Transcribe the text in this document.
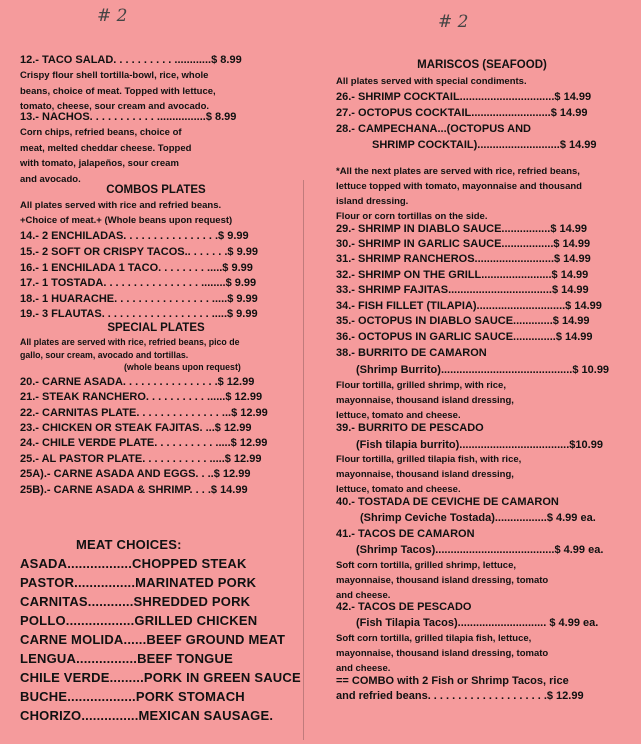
# 2	# 2
12.- TACO SALAD. . . . . . . . . . ............$ 8.99
Crispy flour shell tortilla-bowl, rice, whole
beans, choice of meat. Topped with lettuce,
tomato, cheese, sour cream and avocado.
13.- NACHOS. . . . . . . . . . . ................$ 8.99
Corn chips, refried beans, choice of
meat, melted cheddar cheese. Topped
with tomato, jalapeños, sour cream
and avocado.
COMBOS PLATES
All plates served with rice and refried beans.
+Choice of meat.+ (Whole beans upon request)
14.- 2 ENCHILADAS. . . . . . . . . . . . . . . .$ 9.99
15.- 2 SOFT OR CRISPY TACOS.. . . . . . .$ 9.99
16.- 1 ENCHILADA 1 TACO. . . . . . . . .....$ 9.99
17.- 1 TOSTADA. . . . . . . . . . . . . . . . ........$ 9.99
18.- 1 HUARACHE. . . . . . . . . . . . . . . . .....$ 9.99
19.- 3 FLAUTAS. . . . . . . . . . . . . . . . . . .....$ 9.99
SPECIAL PLATES
All plates are served with rice, refried beans, pico de
gallo, sour cream, avocado and tortillas.
(whole beans upon request)
20.- CARNE ASADA. . . . . . . . . . . . . . . .$ 12.99
21.- STEAK RANCHERO. . . . . . . . . . ......$ 12.99
22.- CARNITAS PLATE. . . . . . . . . . . . . . ...$ 12.99
23.- CHICKEN OR STEAK FAJITAS. ...$ 12.99
24.- CHILE VERDE PLATE. . . . . . . . . . .....$ 12.99
25.- AL PASTOR PLATE. . . . . . . . . . . .....$ 12.99
25A).- CARNE ASADA AND EGGS. . ..$ 12.99
25B).- CARNE ASADA & SHRIMP. . . .$ 14.99
MEAT CHOICES:
ASADA.................CHOPPED STEAK
PASTOR................MARINATED PORK
CARNITAS............SHREDDED PORK
POLLO..................GRILLED CHICKEN
CARNE MOLIDA......BEEF GROUND MEAT
LENGUA................BEEF TONGUE
CHILE VERDE.........PORK IN GREEN SAUCE
BUCHE..................PORK STOMACH
CHORIZO...............MEXICAN SAUSAGE.
MARISCOS (SEAFOOD)
All plates served with special condiments.
26.- SHRIMP COCKTAIL...............................$ 14.99
27.- OCTOPUS COCKTAIL..........................$ 14.99
28.- CAMPECHANA...(OCTOPUS AND
SHRIMP COCKTAIL)...........................$ 14.99
*All the next plates are served with rice, refried beans,
lettuce topped with tomato, mayonnaise and thousand
island dressing.
Flour or corn tortillas on the side.
29.- SHRIMP IN DIABLO SAUCE................$ 14.99
30.- SHRIMP IN GARLIC SAUCE.................$ 14.99
31.- SHRIMP RANCHEROS..........................$ 14.99
32.- SHRIMP ON THE GRILL.......................$ 14.99
33.- SHRIMP FAJITAS..................................$ 14.99
34.- FISH FILLET (TILAPIA).............................$ 14.99
35.- OCTOPUS IN DIABLO SAUCE.............$ 14.99
36.- OCTOPUS IN GARLIC SAUCE..............$ 14.99
38.- BURRITO DE CAMARON
(Shrimp Burrito)...........................................$ 10.99
Flour tortilla, grilled shrimp, with rice,
mayonnaise, thousand island dressing,
lettuce, tomato and cheese.
39.- BURRITO DE PESCADO
(Fish tilapia burrito)....................................$10.99
Flour tortilla, grilled tilapia fish, with rice,
mayonnaise, thousand island dressing,
lettuce, tomato and cheese.
40.- TOSTADA DE CEVICHE DE CAMARON
(Shrimp Ceviche Tostada).................$ 4.99 ea.
41.- TACOS DE CAMARON
(Shrimp Tacos).......................................$ 4.99 ea.
Soft corn tortilla, grilled shrimp, lettuce,
mayonnaise, thousand island dressing, tomato
and cheese.
42.- TACOS DE PESCADO
(Fish Tilapia Tacos)............................. $ 4.99 ea.
Soft corn tortilla, grilled tilapia fish, lettuce,
mayonnaise, thousand island dressing, tomato
and cheese.
== COMBO with 2 Fish or Shrimp Tacos, rice
and refried beans. . . . . . . . . . . . . . . . . . . .$ 12.99
